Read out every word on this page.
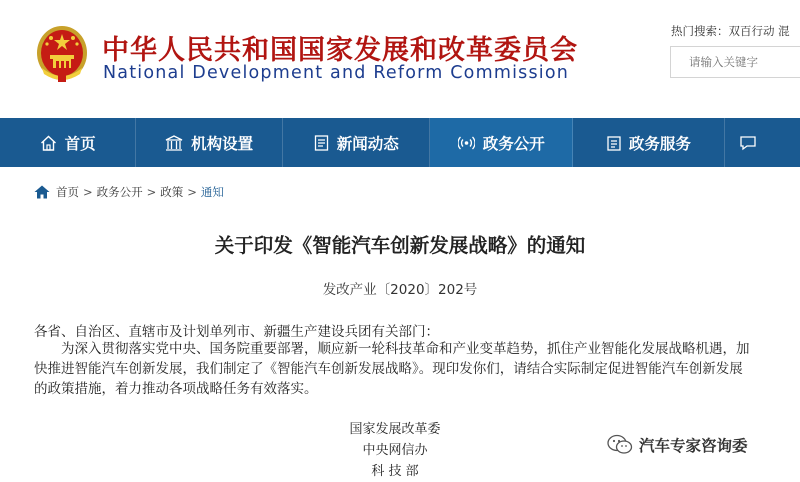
中华人民共和国国家发展和改革委员会
National Development and Reform Commission
热门搜索：双百行动 混
请输入关键字
首页	机构设置	新闻动态	政务公开	政务服务
首页 > 政务公开 > 政策 > 通知
关于印发《智能汽车创新发展战略》的通知
发改产业〔2020〕202号
各省、自治区、直辖市及计划单列市、新疆生产建设兵团有关部门：
为深入贯彻落实党中央、国务院重要部署，顺应新一轮科技革命和产业变革趋势，抓住产业智能化发展战略机遇，加快推进智能汽车创新发展，我们制定了《智能汽车创新发展战略》。现印发你们，请结合实际制定促进智能汽车创新发展的政策措施，着力推动各项战略任务有效落实。
国家发展改革委
中央网信办
科 技 部
汽车专家咨询委
